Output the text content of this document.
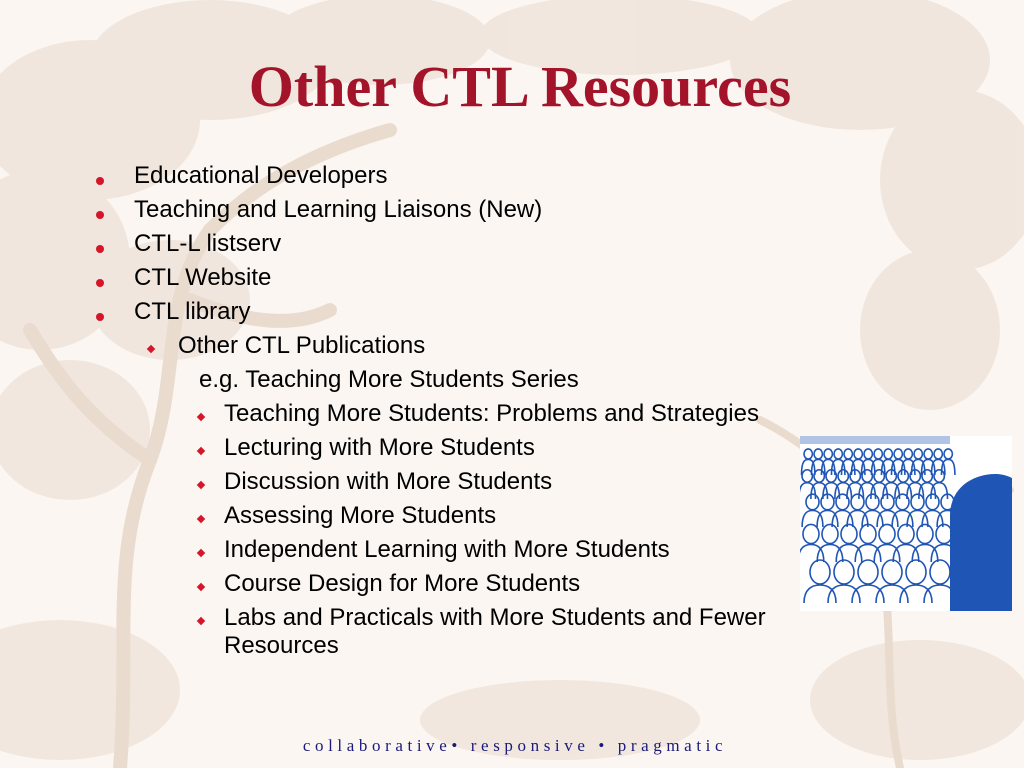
Other CTL Resources
Educational Developers
Teaching and Learning Liaisons (New)
CTL-L listserv
CTL Website
CTL library
Other CTL Publications
e.g. Teaching More Students Series
Teaching More Students: Problems and Strategies
Lecturing with More Students
Discussion with More Students
Assessing More Students
Independent Learning with More Students
Course Design for More Students
Labs and Practicals with More Students and Fewer
Resources
collaborative• responsive • pragmatic
